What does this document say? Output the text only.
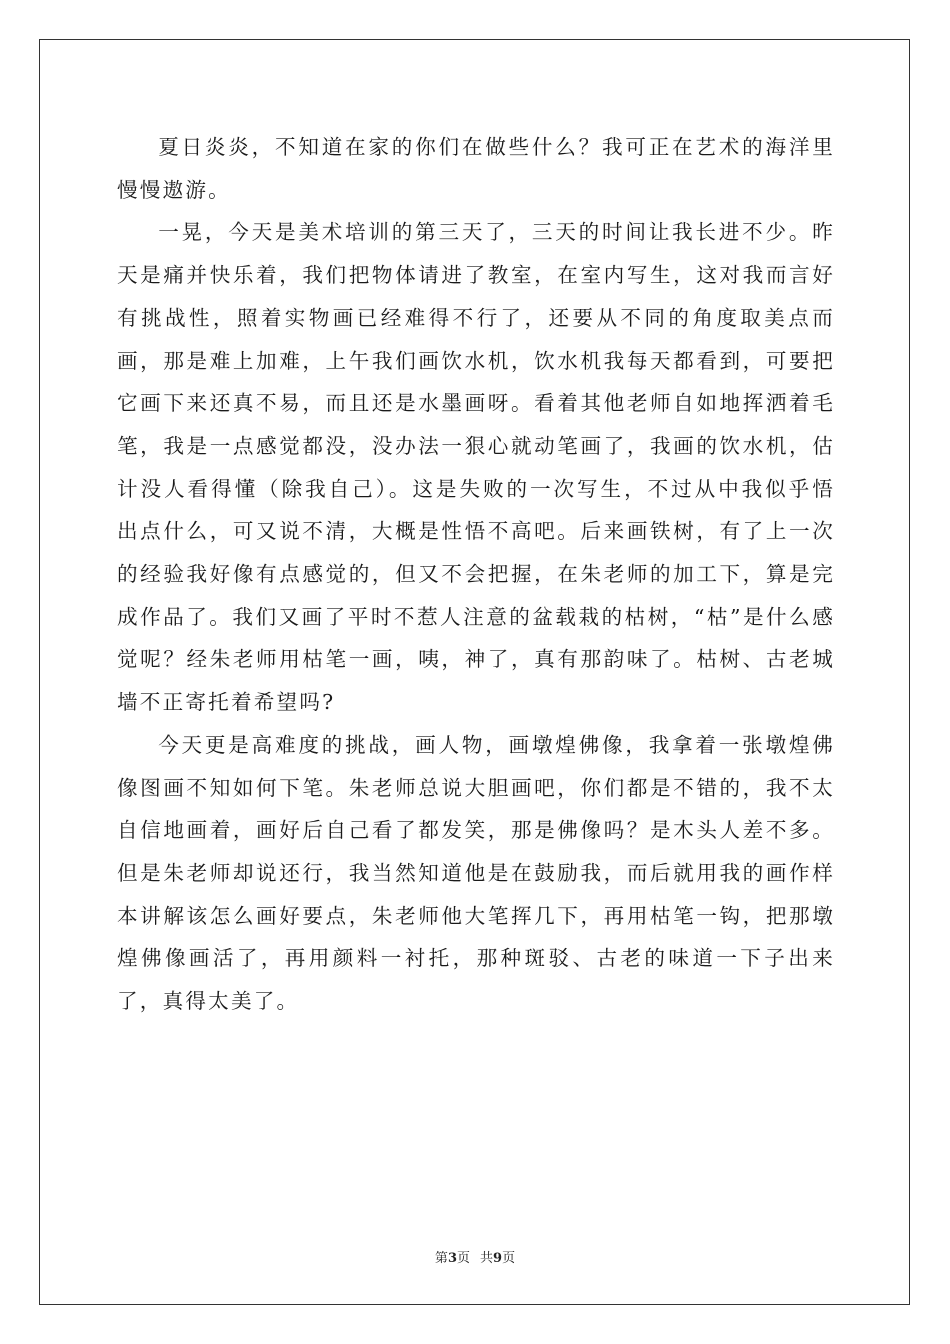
夏日炎炎，不知道在家的你们在做些什么？我可正在艺术的海洋里慢慢遨游。

一晃，今天是美术培训的第三天了，三天的时间让我长进不少。昨天是痛并快乐着，我们把物体请进了教室，在室内写生，这对我而言好有挑战性，照着实物画已经难得不行了，还要从不同的角度取美点而画，那是难上加难，上午我们画饮水机，饮水机我每天都看到，可要把它画下来还真不易，而且还是水墨画呀。看着其他老师自如地挥洒着毛笔，我是一点感觉都没，没办法一狠心就动笔画了，我画的饮水机，估计没人看得懂（除我自己）。这是失败的一次写生，不过从中我似乎悟出点什么，可又说不清，大概是性悟不高吧。后来画铁树，有了上一次的经验我好像有点感觉的，但又不会把握，在朱老师的加工下，算是完成作品了。我们又画了平时不惹人注意的盆载栽的枯树，“枯”是什么感觉呢？经朱老师用枯笔一画，咦，神了，真有那韵味了。枯树、古老城墙不正寄托着希望吗?

今天更是高难度的挑战，画人物，画墩煌佛像，我拿着一张墩煌佛像图画不知如何下笔。朱老师总说大胆画吧，你们都是不错的，我不太自信地画着，画好后自己看了都发笑，那是佛像吗？是木头人差不多。但是朱老师却说还行，我当然知道他是在鼓励我，而后就用我的画作样本讲解该怎么画好要点，朱老师他大笔挥几下，再用枯笔一钩，把那墩煌佛像画活了，再用颜料一衬托，那种斑驳、古老的味道一下子出来了，真得太美了。

第3页 共9页
